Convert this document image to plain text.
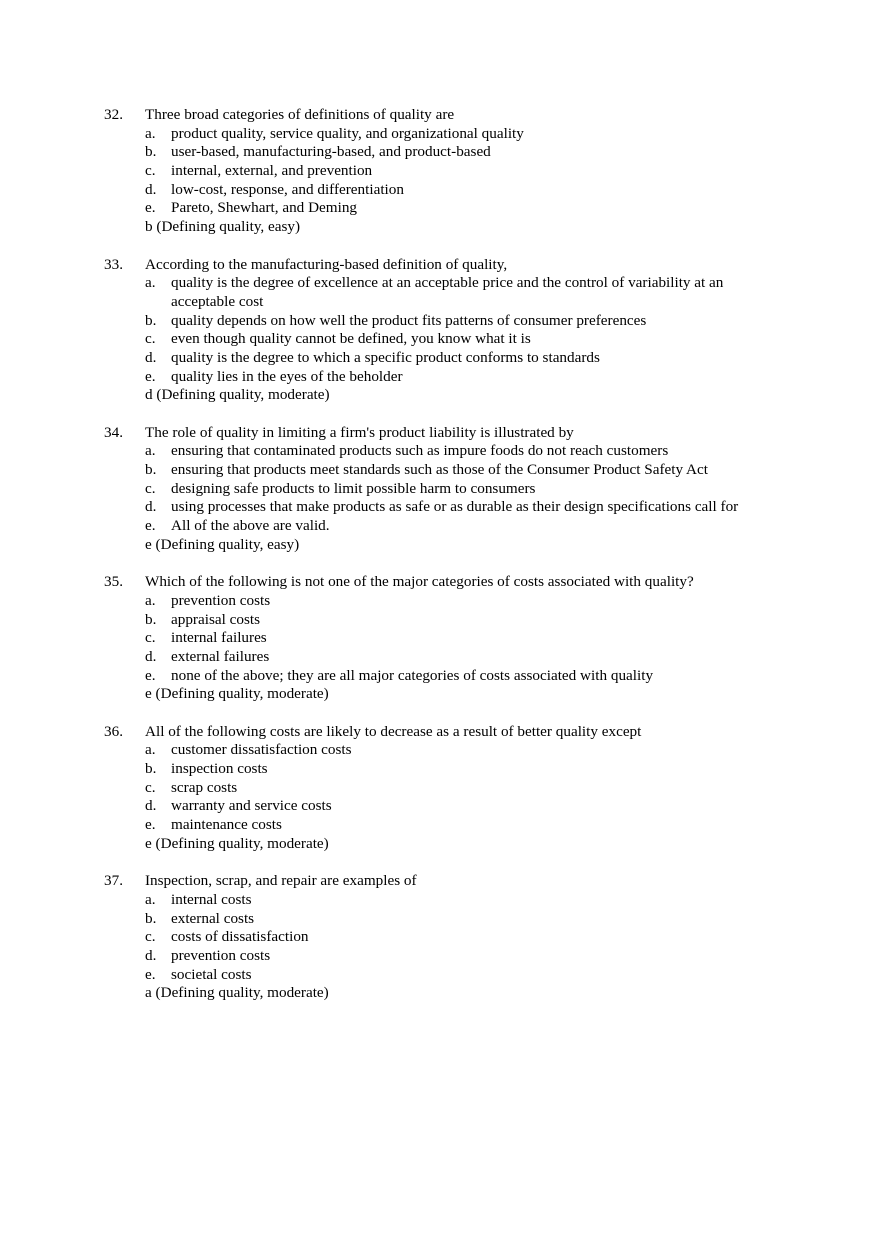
32. Three broad categories of definitions of quality are
a. product quality, service quality, and organizational quality
b. user-based, manufacturing-based, and product-based
c. internal, external, and prevention
d. low-cost, response, and differentiation
e. Pareto, Shewhart, and Deming
b (Defining quality, easy)
33. According to the manufacturing-based definition of quality,
a. quality is the degree of excellence at an acceptable price and the control of variability at an
acceptable cost
b. quality depends on how well the product fits patterns of consumer preferences
c. even though quality cannot be defined, you know what it is
d. quality is the degree to which a specific product conforms to standards
e. quality lies in the eyes of the beholder
d (Defining quality, moderate)
34. The role of quality in limiting a firm's product liability is illustrated by
a. ensuring that contaminated products such as impure foods do not reach customers
b. ensuring that products meet standards such as those of the Consumer Product Safety Act
c. designing safe products to limit possible harm to consumers
d. using processes that make products as safe or as durable as their design specifications call for
e. All of the above are valid.
e (Defining quality, easy)
35. Which of the following is not one of the major categories of costs associated with quality?
a. prevention costs
b. appraisal costs
c. internal failures
d. external failures
e. none of the above; they are all major categories of costs associated with quality
e (Defining quality, moderate)
36. All of the following costs are likely to decrease as a result of better quality except
a. customer dissatisfaction costs
b. inspection costs
c. scrap costs
d. warranty and service costs
e. maintenance costs
e (Defining quality, moderate)
37. Inspection, scrap, and repair are examples of
a. internal costs
b. external costs
c. costs of dissatisfaction
d. prevention costs
e. societal costs
a (Defining quality, moderate)
